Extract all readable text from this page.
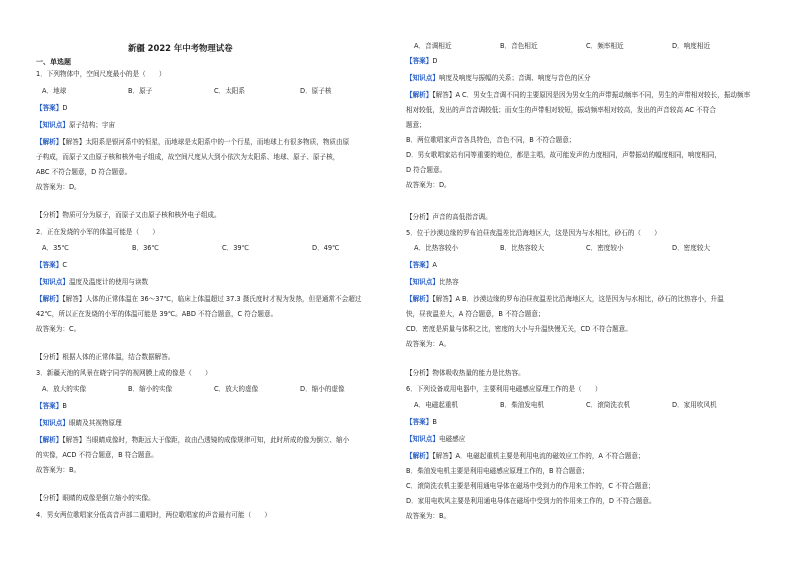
新疆 2022 年中考物理试卷
一、单选题
1．下列物体中，空间尺度最小的是（　　）
A．地球	B．原子	C．太阳系	D．原子核
【答案】D
【知识点】原子结构；宇宙
【解析】【解答】太阳系是银河系中的恒星，而地球是太阳系中的一个行星，而地球上有很多物质，物质由原
子构成，而原子又由原子核和核外电子组成，故空间尺度从大到小依次为太阳系、地球、原子、原子核，
ABC 不符合题意，D 符合题意。
故答案为：D。
【分析】物质可分为原子，而原子又由原子核和核外电子组成。
2．正在发烧的小军的体温可能是（　　）
A．35℃	B．36℃	C．39℃	D．49℃
【答案】C
【知识点】温度及温度计的使用与读数
【解析】【解答】人体的正常体温在 36～37℃，临床上体温超过 37.3 摄氏度时才视为发热，但是通常不会超过
42℃，所以正在发烧的小军的体温可能是 39℃。ABD 不符合题意，C 符合题意。
故答案为：C。
【分析】根据人体的正常体温，结合数据解答。
3．新疆天池的风景在晓宁同学的视网膜上成的像是（　　）
A．放大的实像	B．缩小的实像	C．放大的虚像	D．缩小的虚像
【答案】B
【知识点】眼睛及其视物原理
【解析】【解答】当眼睛成像时，物距远大于像距，故由凸透镜的成像规律可知，此时所成的像为倒立、缩小
的实像，ACD 不符合题意，B 符合题意。
故答案为：B。
【分析】眼睛的成像是倒立缩小的实像。
4．男女两位歌唱家分低高音声部二重唱时，两位歌唱家的声音最有可能（　　）
A．音调相近	B．音色相近	C．频率相近	D．响度相近
【答案】D
【知识点】响度及响度与振幅的关系；音调、响度与音色的区分
【解析】【解答】A C．男女生音调不同的主要原因是因为男女生的声带振动频率不同，男生的声带相对较长，振动频率
相对较低，发出的声音音调较低；而女生的声带相对较短，振动频率相对较高，发出的声音较高 AC 不符合
题意；
B．两位歌唱家声音各具特色，音色不同，B 不符合题意；
D．男女歌唱家站有同等重要的地位，都是主唱，故可能发声的力度相同，声带振动的幅度相同，响度相同，
D 符合题意。
故答案为：D。
【分析】声音的高低指音调。
5．位于沙漠边缘的罗布泊昼夜温差比沿海地区大，这是因为与水相比，砂石的（　　）
A．比热容较小	B．比热容较大	C．密度较小	D．密度较大
【答案】A
【知识点】比热容
【解析】【解答】A B．沙漠边缘的罗布泊昼夜温差比沿海地区大，这是因为与水相比，砂石的比热容小，升温
快，昼夜温差大，A 符合题意，B 不符合题意；
CD．密度是质量与体积之比，密度的大小与升温快慢无关，CD 不符合题意。
故答案为：A。
【分析】物体吸收热量的能力是比热容。
6．下列设备或用电器中，主要利用电磁感应原理工作的是（　　）
A．电磁起重机	B．柴油发电机	C．滚筒洗衣机	D．家用吹风机
【答案】B
【知识点】电磁感应
【解析】【解答】A．电磁起重机主要是利用电流的磁效应工作的，A 不符合题意；
B．柴油发电机主要是利用电磁感应原理工作的，B 符合题意；
C．滚筒洗衣机主要是利用通电导体在磁场中受到力的作用来工作的，C 不符合题意；
D．家用电吹风主要是利用通电导体在磁场中受到力的作用来工作的，D 不符合题意。
故答案为：B。
